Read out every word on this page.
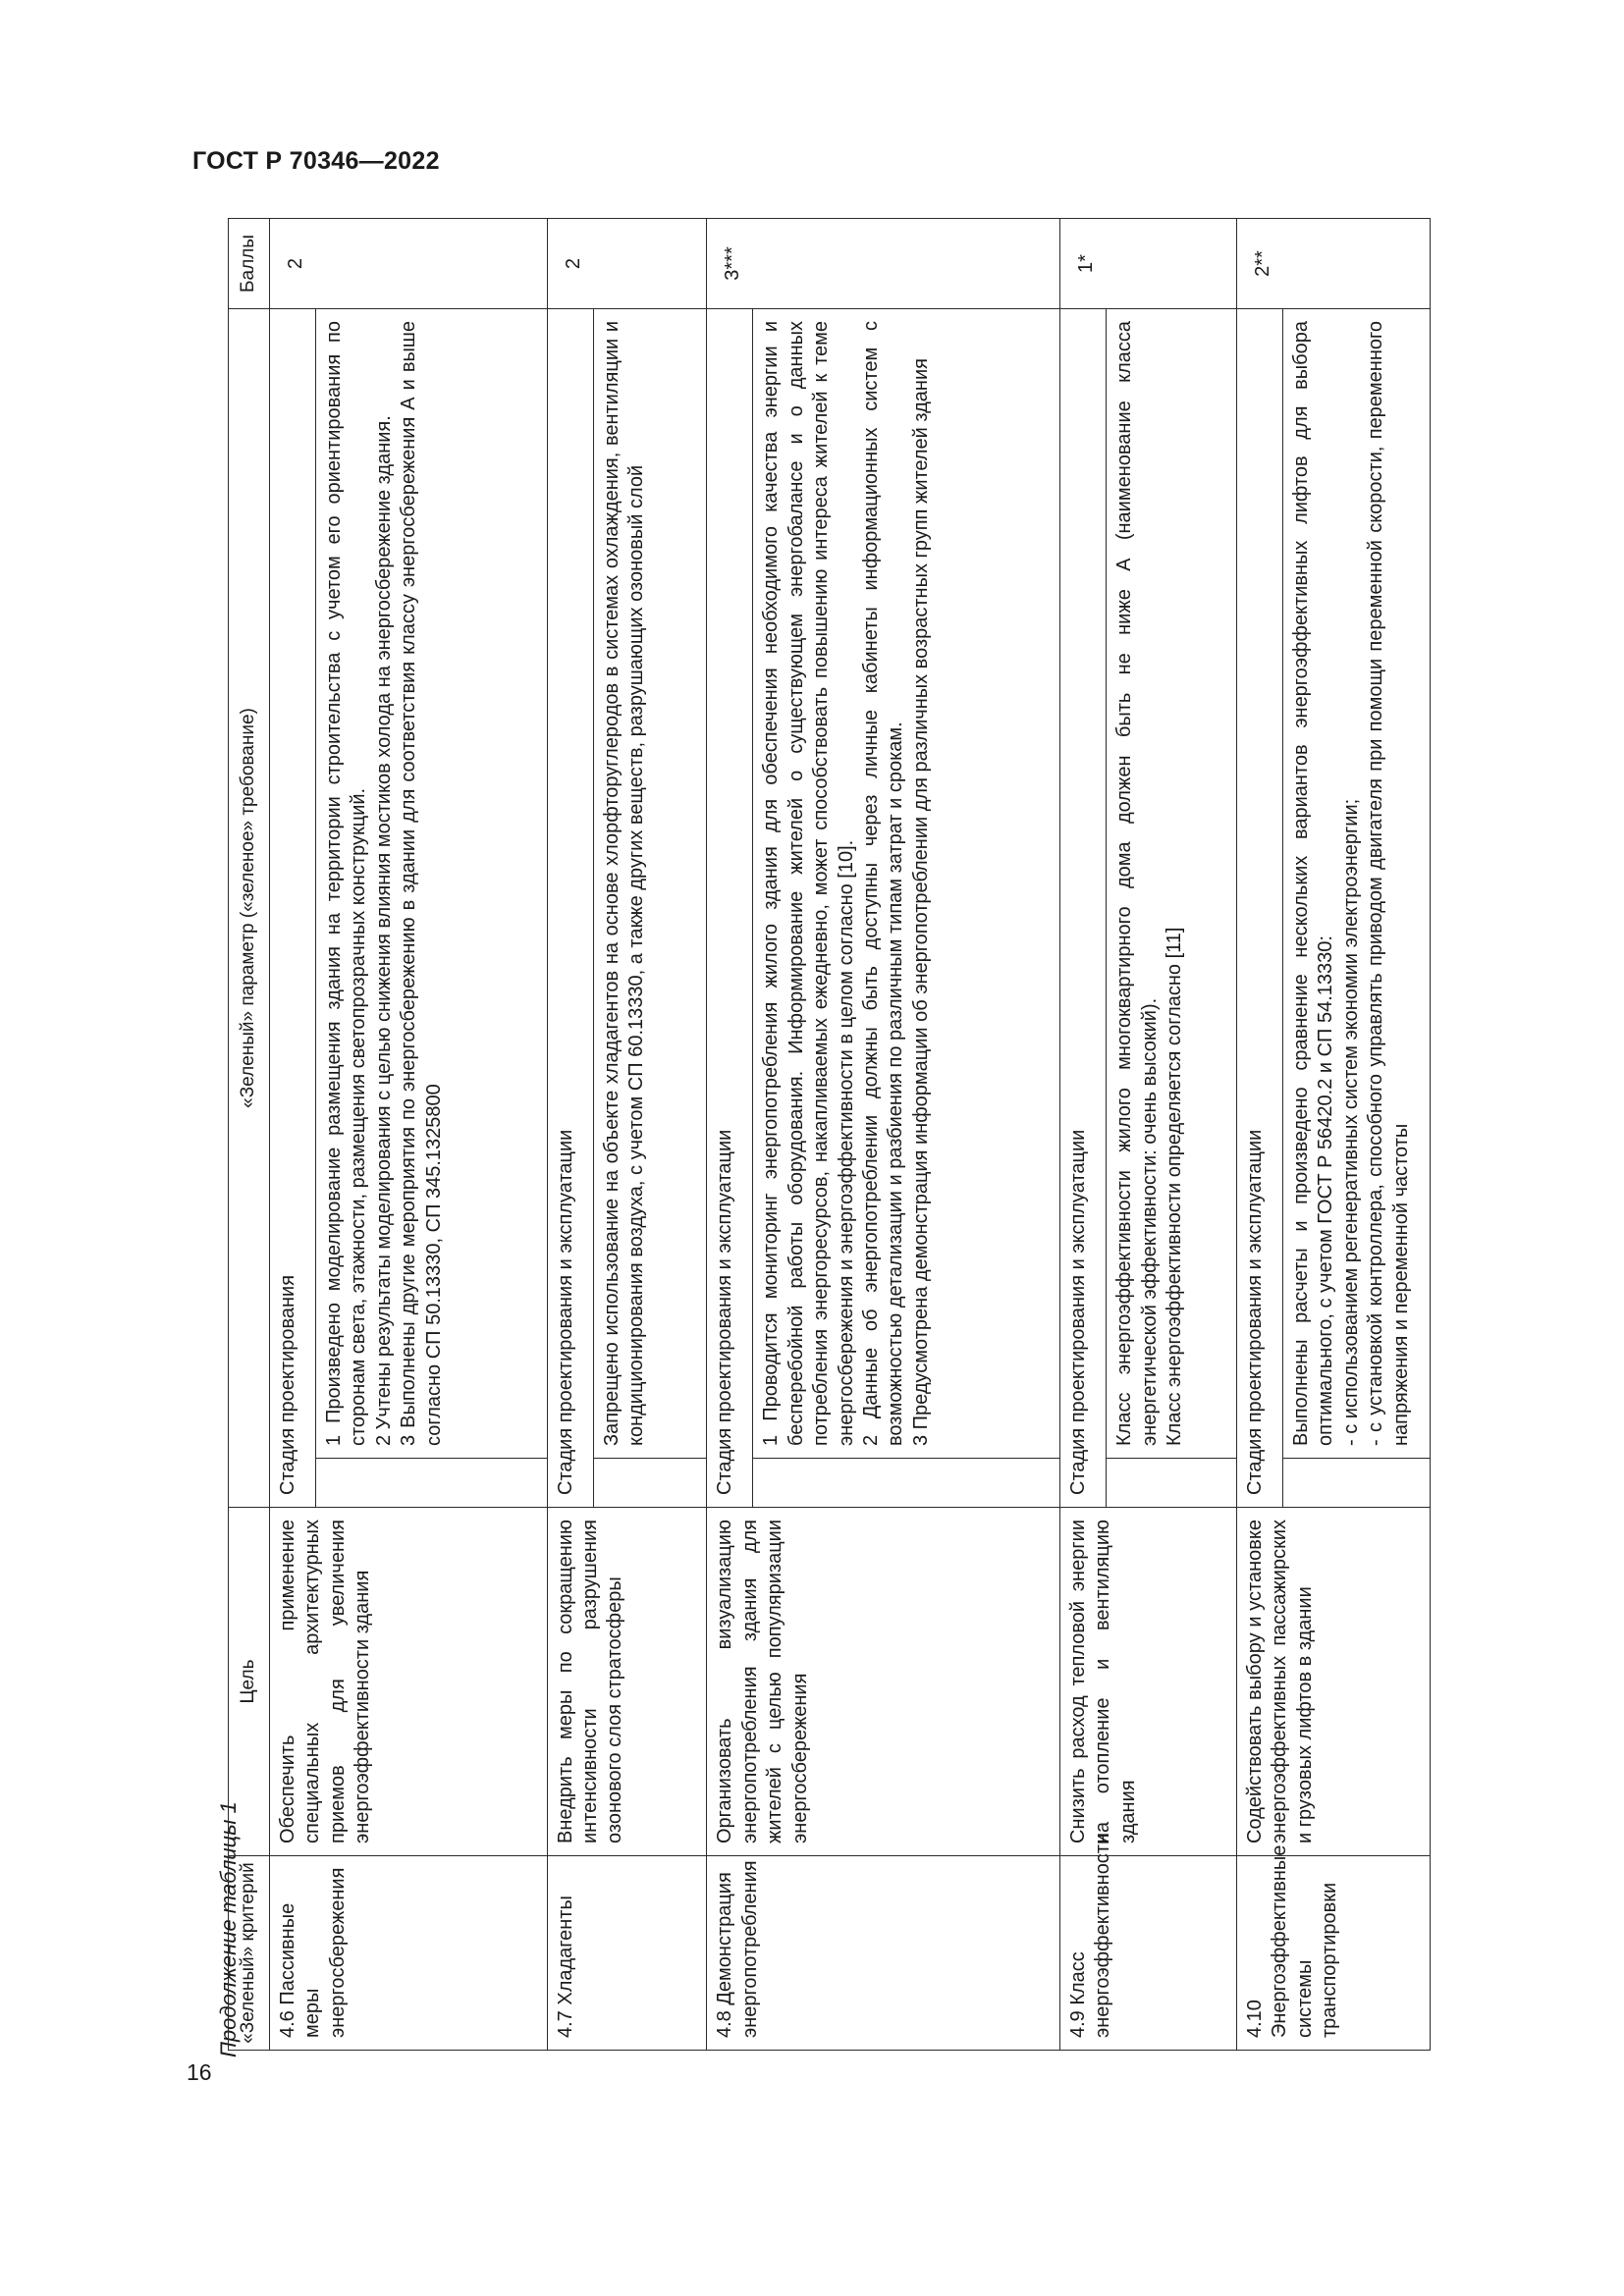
ГОСТ Р 70346—2022
16
Продолжение таблицы 1
«Зеленый» критерий	Цель	«Зеленый» параметр («зеленое» требование)		Баллы
4.6 Пассивные меры энергосбережения	Обеспечить применение специальных архитектурных приемов для увеличения энергоэффективности здания	Стадия проектирования		2

			1 Произведено моделирование размещения здания на территории строительства с учетом его ориентирования по сторонам света, этажности, размещения светопрозрачных конструкций. 2 Учтены результаты моделирования с целью снижения влияния мостиков холода на энергосбережение здания. 3 Выполнены другие мероприятия по энергосбережению в здании для соответствия классу энергосбережения А и выше согласно СП 50.13330, СП 345.1325800	

4.7 Хладагенты	Внедрить меры по сокращению интенсивности разрушения озонового слоя стратосферы	Стадия проектирования и эксплуатации		2

			Запрещено использование на объекте хладагентов на основе хлорфторуглеродов в системах охлаждения, вентиляции и кондиционирования воздуха, с учетом СП 60.13330, а также других веществ, разрушающих озоновый слой	

4.8 Демонстрация энергопотребления	Организовать визуализацию энергопотребления здания для жителей с целью популяризации энергосбережения	Стадия проектирования и эксплуатации		3***

			1 Проводится мониторинг энергопотребления жилого здания для обеспечения необходимого качества энергии и бесперебойной работы оборудования. Информирование жителей о существующем энергобалансе и о данных потребления энергоресурсов, накапливаемых ежедневно, может способствовать повышению интереса жителей к теме энергосбережения и энергоэффективности в целом согласно [10]. 2 Данные об энергопотреблении должны быть доступны через личные кабинеты информационных систем с возможностью детализации и разбиения по различным типам затрат и срокам. 3 Предусмотрена демонстрация информации об энергопотреблении для различных возрастных групп жителей здания	

4.9 Класс энергоэффективности	Снизить расход тепловой энергии на отопление и вентиляцию здания	Стадия проектирования и эксплуатации		1*

			Класс энергоэффективности жилого многоквартирного дома должен быть не ниже А (наименование класса энергетической эффективности: очень высокий). Класс энергоэффективности определяется согласно [11]	

4.10 Энергоэффективные системы транспортировки	Содействовать выбору и установке энергоэффективных пассажирских и грузовых лифтов в здании	Стадия проектирования и эксплуатации		2**

			Выполнены расчеты и произведено сравнение нескольких вариантов энергоэффективных лифтов для выбора оптимального, с учетом ГОСТ Р 56420.2 и СП 54.13330: - с использованием регенеративных систем экономии электроэнергии; - с установкой контроллера, способного управлять приводом двигателя при помощи переменной скорости, переменного напряжения и переменной частоты	
